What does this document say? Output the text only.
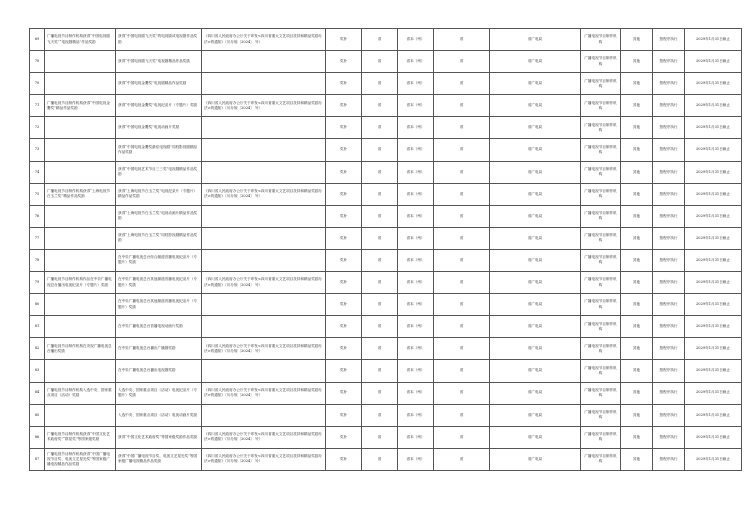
69	广播电视节目制作机构获得“中国电视剧飞天奖”“电视剧精品”作品奖励	获得“中国电视剧飞天奖”的电视剧或电视剧作品奖励	《四川省人民政府办公厅关于印发<四川省重大文艺项目扶持和精品奖励办法>的通知》（川办规〔2024〕 号）	奖补	省	省本（州）	省	省广电局	广播电视节目制作机构	其他	按程序执行	2029年1月31日截止
70		获得“中国电视剧飞天奖”电视剧精品作品奖励		奖补	省	省本（州）	省	省广电局	广播电视节目制作机构	其他	按程序执行	2029年1月31日截止
70		获得“中国电视金鹰奖”电视剧精品作品奖励		奖补	省	省本（州）	省	省广电局	广播电视节目制作机构	其他	按程序执行	2029年1月31日截止
71	广播电视节目制作机构获得“中国电视金鹰奖”精品作品奖励	获得“中国电视金鹰奖”电视纪录片（专题片）奖励	《四川省人民政府办公厅关于印发<四川省重大文艺项目扶持和精品奖励办法>的通知》（川办规〔2024〕 号）	奖补	省	省本（州）	省	省广电局	广播电视节目制作机构	其他	按程序执行	2029年1月31日截止
72		获得“中国电视金鹰奖”电视动画片奖励		奖补	省	省本（州）	省	省广电局	广播电视节目制作机构	其他	按程序执行	2029年1月31日截止
73		获得“中国电视金鹰奖最佳电视剧”同档影视剧精品作品奖励		奖补	省	省本（州）	省	省广电局	广播电视节目制作机构	其他	按程序执行	2029年1月31日截止
74		获得“中国电视艺术节目三三奖”电视剧精品作品奖励		奖补	省	省本（州）	省	省广电局	广播电视节目制作机构	其他	按程序执行	2029年1月31日截止
75	广播电视节目制作机构获得“上海电视节白玉兰奖”精品作品奖励	获得“上海电视节白玉兰奖”电视纪录片（专题片）精品作品奖励	《四川省人民政府办公厅关于印发<四川省重大文艺项目扶持和精品奖励办法>的通知》（川办规〔2024〕 号）	奖补	省	省本（州）	省	省广电局	广播电视节目制作机构	其他	按程序执行	2029年1月31日截止
76		获得“上海电视节白玉兰奖”电视动画片精品作品奖励		奖补	省	省本（州）	省	省广电局	广播电视节目制作机构	其他	按程序执行	2029年1月31日截止
77		获得“上海电视节白玉兰奖”同档影视剧精品作品奖励		奖补	省	省本（州）	省	省广电局	广播电视节目制作机构	其他	按程序执行	2029年1月31日截止
78		在中央广播电视总台综合频道首播电视纪录片（专题片）奖励		奖补	省	省本（州）	省	省广电局	广播电视节目制作机构	其他	按程序执行	2029年1月31日截止
79	广播电视节目制作机构作品在中央广播电视总台播出电视纪录片（专题片）奖励	在中央广播电视总台其他频道首播电视纪录片（专题片）奖励	《四川省人民政府办公厅关于印发<四川省重大文艺项目扶持和精品奖励办法>的通知》（川办规〔2024〕 号）	奖补	省	省本（州）	省	省广电局	广播电视节目制作机构	其他	按程序执行	2029年1月31日截止
80		在中央广播电视总台其他频道首播电视纪录片（专题片）奖励		奖补	省	省本（州）	省	省广电局	广播电视节目制作机构	其他	按程序执行	2029年1月31日截止
81		在中央广播电视总台首播电视动画片奖励		奖补	省	省本（州）	省	省广电局	广播电视节目制作机构	其他	按程序执行	2029年1月31日截止
82	广播电视节目制作机构在央视广播电视总台播出奖励	在中央广播电视总台播出广播剧奖励	《四川省人民政府办公厅关于印发<四川省重大文艺项目扶持和精品奖励办法>的通知》（川办规〔2024〕 号）	奖补	省	省本（州）	省	省广电局	广播电视节目制作机构	其他	按程序执行	2029年1月31日截止
83		在中央广播电视总台播出电视剧奖励		奖补	省	省本（州）	省	省广电局	广播电视节目制作机构	其他	按程序执行	2029年1月31日截止
84	广播电视节目制作机构入选中央、国家重点项目（活动）奖励	入选中央、国家重点项目（活动）电视纪录片（专题片）奖励	《四川省人民政府办公厅关于印发<四川省重大文艺项目扶持和精品奖励办法>的通知》（川办规〔2024〕 号）	奖补	省	省本（州）	省	省广电局	广播电视节目制作机构	其他	按程序执行	2029年1月31日截止
85		入选中央、国家重点项目（活动）电视动画片奖励		奖补	省	省本（州）	省	省广电局	广播电视节目制作机构	其他	按程序执行	2029年1月31日截止
86	广播电视节目制作机构获得“中国文化艺术政府奖”“群星奖”等国家级奖励	获得“中国文化艺术政府奖”等国家级奖励作品奖励	《四川省人民政府办公厅关于印发<四川省重大文艺项目扶持和精品奖励办法>的通知》（川办规〔2024〕 号）	奖补	省	省本（州）	省	省广电局	广播电视节目制作机构	其他	按程序执行	2029年1月31日截止
87	广播电视节目制作机构获得“中国广播电视节目奖、电视文艺星光奖”等国家级广播电视精品作品奖励	获得“中国广播电视节目奖、电视文艺星光奖”等国家级广播电视精品作品奖励	《四川省人民政府办公厅关于印发<四川省重大文艺项目扶持和精品奖励办法>的通知》（川办规〔2024〕 号）	奖补	省	省本（州）	省	省广电局	广播电视节目制作机构	其他	按程序执行	2029年1月31日截止
